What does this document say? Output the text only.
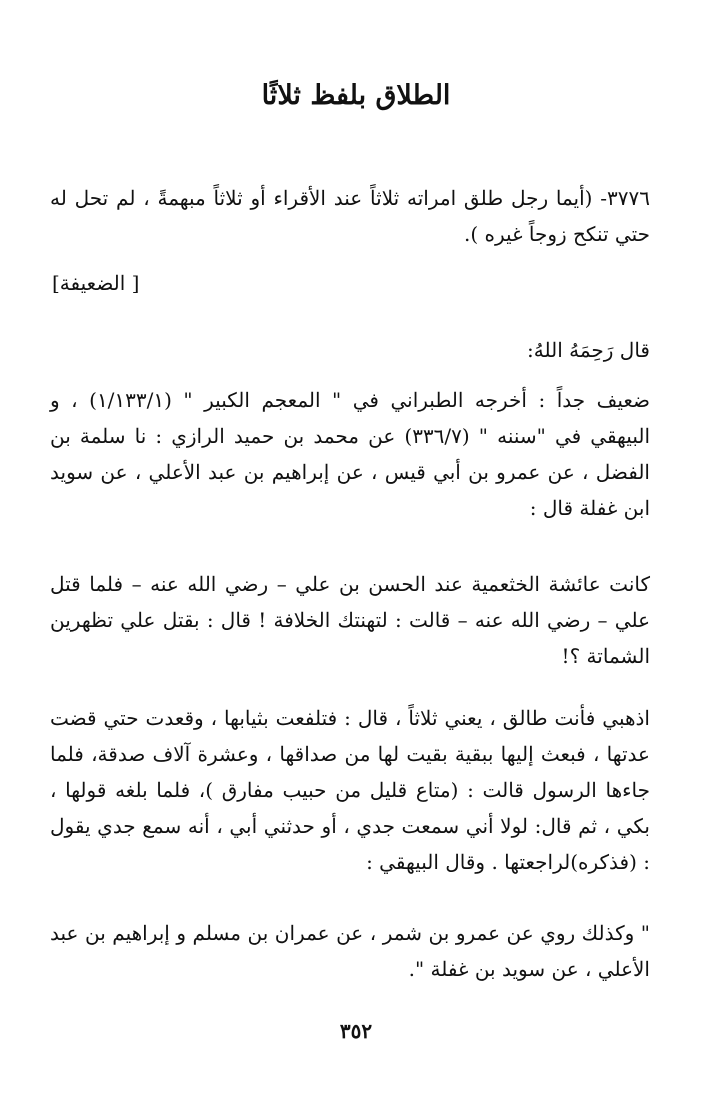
الطلاق بلفظ ثلاثًا

٣٧٧٦- (أيما رجل طلق امراته ثلاثاً عند الأقراء أو ثلاثاً مبهمةً ، لم تحل له حتي تنكح زوجاً غيره ).

[ الضعيفة]
قال رَحِمَهُ اللهُ:

ضعيف جداً : أخرجه الطبراني في " المعجم الكبير " (١/١٣٣/١) ، و البيهقي في "سننه " (٣٣٦/٧) عن محمد بن حميد الرازي : نا سلمة بن الفضل ، عن عمرو بن أبي قيس ، عن إبراهيم بن عبد الأعلي ، عن سويد ابن غفلة قال :

كانت عائشة الخثعمية عند الحسن بن علي – رضي الله عنه – فلما قتل علي – رضي الله عنه – قالت : لتهنتك الخلافة ! قال : بقتل علي تظهرين الشماتة ؟!

اذهبي فأنت طالق ، يعني ثلاثاً ، قال : فتلفعت بثيابها ، وقعدت حتي قضت عدتها ، فبعث إليها ببقية بقيت لها من صداقها ، وعشرة آلاف صدقة، فلما جاءها الرسول قالت : (متاع قليل من حبيب مفارق )، فلما بلغه قولها ، بكي ، ثم قال: لولا أني سمعت جدي ، أو حدثني أبي ، أنه سمع جدي يقول : (فذكره)لراجعتها . وقال البيهقي :

" وكذلك روي عن عمرو بن شمر ، عن عمران بن مسلم و إبراهيم بن عبد الأعلي ، عن سويد بن غفلة ".

٣٥٢
